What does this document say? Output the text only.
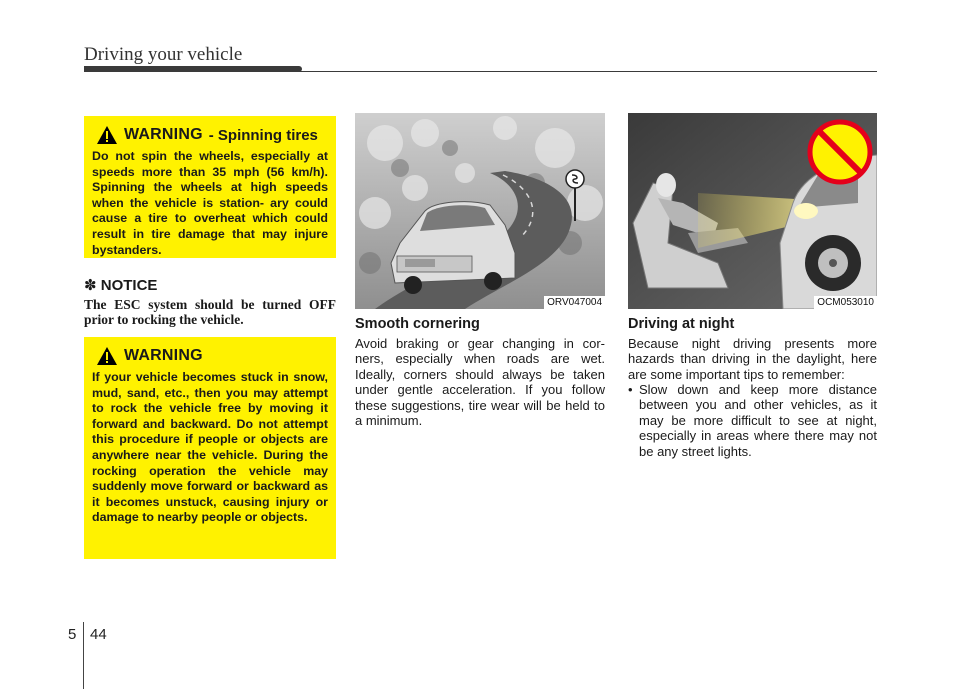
Driving your vehicle
WARNING - Spinning tires
Do not spin the wheels, especially at speeds more than 35 mph (56 km/h). Spinning the wheels at high speeds when the vehicle is station- ary could cause a tire to overheat which could result in tire damage that may injure bystanders.
✽ NOTICE
The ESC system should be turned OFF prior to rocking the vehicle.
WARNING
If your vehicle becomes stuck in snow, mud, sand, etc., then you may attempt to rock the vehicle free by moving it forward and backward. Do not attempt this procedure if people or objects are anywhere near the vehicle. During the rocking operation the vehicle may suddenly move forward or backward as it becomes unstuck, causing injury or damage to nearby people or objects.
ORV047004	OCM053010
Smooth cornering
Avoid braking or gear changing in cor- ners, especially when roads are wet. Ideally, corners should always be taken under gentle acceleration. If you follow these suggestions, tire wear will be held to a minimum.
Driving at night
Because night driving presents more hazards than driving in the daylight, here are some important tips to remember:
• Slow down and keep more distance between you and other vehicles, as it may be more difficult to see at night, especially in areas where there may not be any street lights.
5 44
